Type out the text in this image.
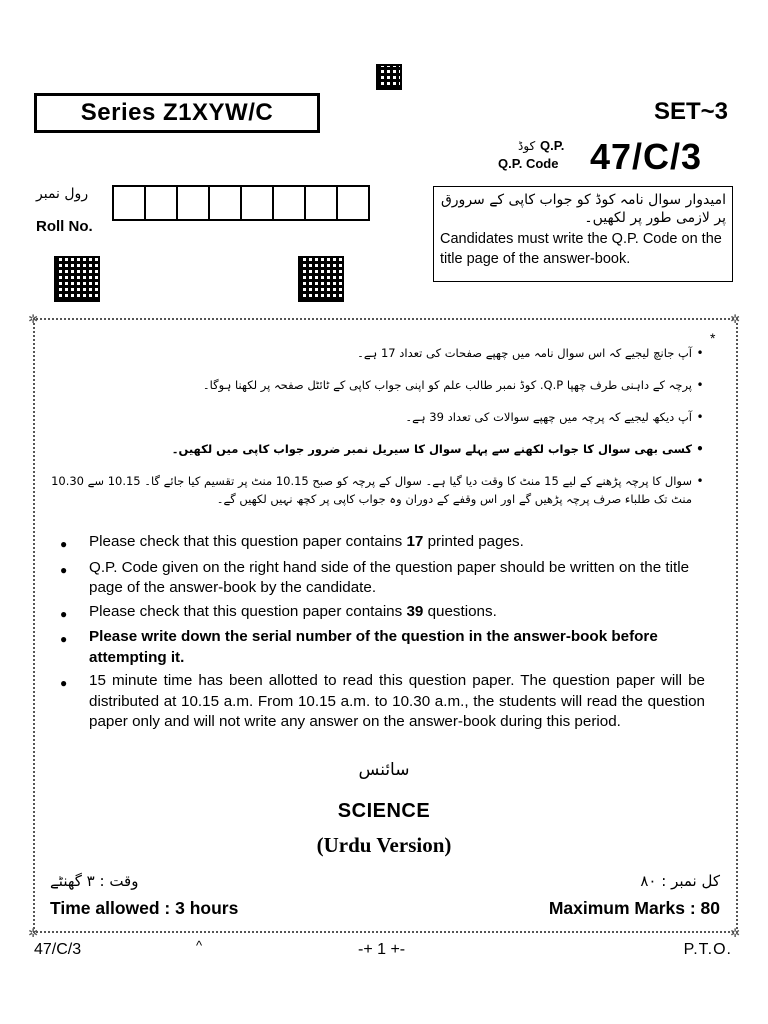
Series Z1XYW/C	SET~3
کوڈ Q.P.
Q.P. Code 47/C/3
رول نمبر
Roll No.
امیدوار سوال نامہ کوڈ کو جواب کاپی کے سرورق پر لازمی طور پر لکھیں۔
Candidates must write the Q.P. Code on the title page of the answer-book.
✲	✲
✲	✲
*
•
آپ جانچ لیجیے کہ اس سوال نامہ میں چھپے صفحات کی تعداد 17 ہے۔
•
پرچہ کے داہنی طرف چھپا Q.P. کوڈ نمبر طالب علم کو اپنی جواب کاپی کے ٹائٹل صفحہ پر لکھنا ہوگا۔
•
آپ دیکھ لیجیے کہ پرچہ میں چھپے سوالات کی تعداد 39 ہے۔
•
کسی بھی سوال کا جواب لکھنے سے پہلے سوال کا سیریل نمبر ضرور جواب کاپی میں لکھیں۔
•
سوال کا پرچہ پڑھنے کے لیے 15 منٹ کا وقت دیا گیا ہے۔ سوال کے پرچہ کو صبح 10.15 منٹ پر تقسیم کیا جائے گا۔ 10.15 سے 10.30 منٹ تک طلباء صرف پرچہ پڑھیں گے اور اس وقفے کے دوران وہ جواب کاپی پر کچھ نہیں لکھیں گے۔
●	Please check that this question paper contains 17 printed pages.
●	Q.P. Code given on the right hand side of the question paper should be written on the title page of the answer-book by the candidate.
●	Please check that this question paper contains 39 questions.
●	Please write down the serial number of the question in the answer-book before attempting it.
●	15 minute time has been allotted to read this question paper. The question paper will be distributed at 10.15 a.m. From 10.15 a.m. to 10.30 a.m., the students will read the question paper only and will not write any answer on the answer-book during this period.
سائنس
SCIENCE
(Urdu Version)
وقت : ۳ گھنٹے	کل نمبر : ۸۰
Time allowed : 3 hours	Maximum Marks : 80
47/C/3	^	-+ 1 +-	P.T.O.
